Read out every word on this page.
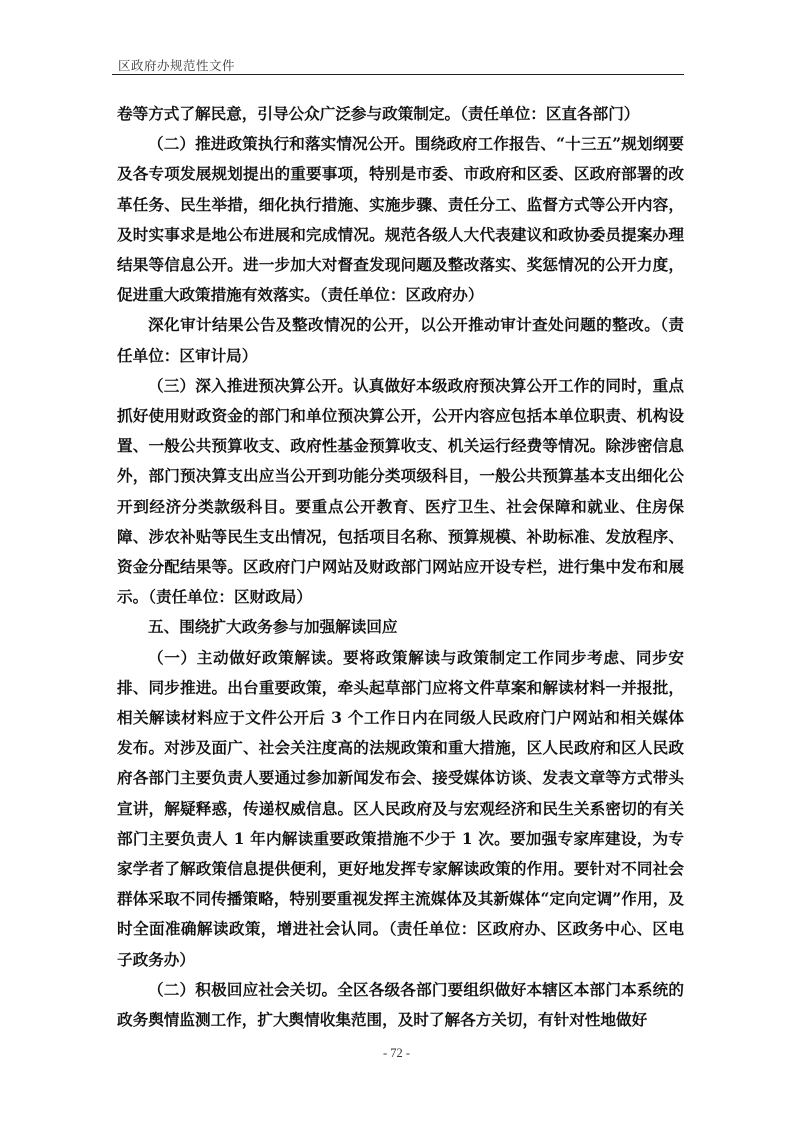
区政府办规范性文件

卷等方式了解民意，引导公众广泛参与政策制定。（责任单位：区直各部门）

（二）推进政策执行和落实情况公开。围绕政府工作报告、“十三五”规划纲要及各专项发展规划提出的重要事项，特别是市委、市政府和区委、区政府部署的改革任务、民生举措，细化执行措施、实施步骤、责任分工、监督方式等公开内容，及时实事求是地公布进展和完成情况。规范各级人大代表建议和政协委员提案办理结果等信息公开。进一步加大对督查发现问题及整改落实、奖惩情况的公开力度，促进重大政策措施有效落实。（责任单位：区政府办）

深化审计结果公告及整改情况的公开，以公开推动审计查处问题的整改。（责任单位：区审计局）

（三）深入推进预决算公开。认真做好本级政府预决算公开工作的同时，重点抓好使用财政资金的部门和单位预决算公开，公开内容应包括本单位职责、机构设置、一般公共预算收支、政府性基金预算收支、机关运行经费等情况。除涉密信息外，部门预决算支出应当公开到功能分类项级科目，一般公共预算基本支出细化公开到经济分类款级科目。要重点公开教育、医疗卫生、社会保障和就业、住房保障、涉农补贴等民生支出情况，包括项目名称、预算规模、补助标准、发放程序、资金分配结果等。区政府门户网站及财政部门网站应开设专栏，进行集中发布和展示。（责任单位：区财政局）

五、围绕扩大政务参与加强解读回应

（一）主动做好政策解读。要将政策解读与政策制定工作同步考虑、同步安排、同步推进。出台重要政策，牵头起草部门应将文件草案和解读材料一并报批，相关解读材料应于文件公开后 3 个工作日内在同级人民政府门户网站和相关媒体发布。对涉及面广、社会关注度高的法规政策和重大措施，区人民政府和区人民政府各部门主要负责人要通过参加新闻发布会、接受媒体访谈、发表文章等方式带头宣讲，解疑释惑，传递权威信息。区人民政府及与宏观经济和民生关系密切的有关部门主要负责人 1 年内解读重要政策措施不少于 1 次。要加强专家库建设，为专家学者了解政策信息提供便利，更好地发挥专家解读政策的作用。要针对不同社会群体采取不同传播策略，特别要重视发挥主流媒体及其新媒体“定向定调”作用，及时全面准确解读政策，增进社会认同。（责任单位：区政府办、区政务中心、区电子政务办）

（二）积极回应社会关切。全区各级各部门要组织做好本辖区本部门本系统的政务舆情监测工作，扩大舆情收集范围，及时了解各方关切，有针对性地做好

- 72 -
